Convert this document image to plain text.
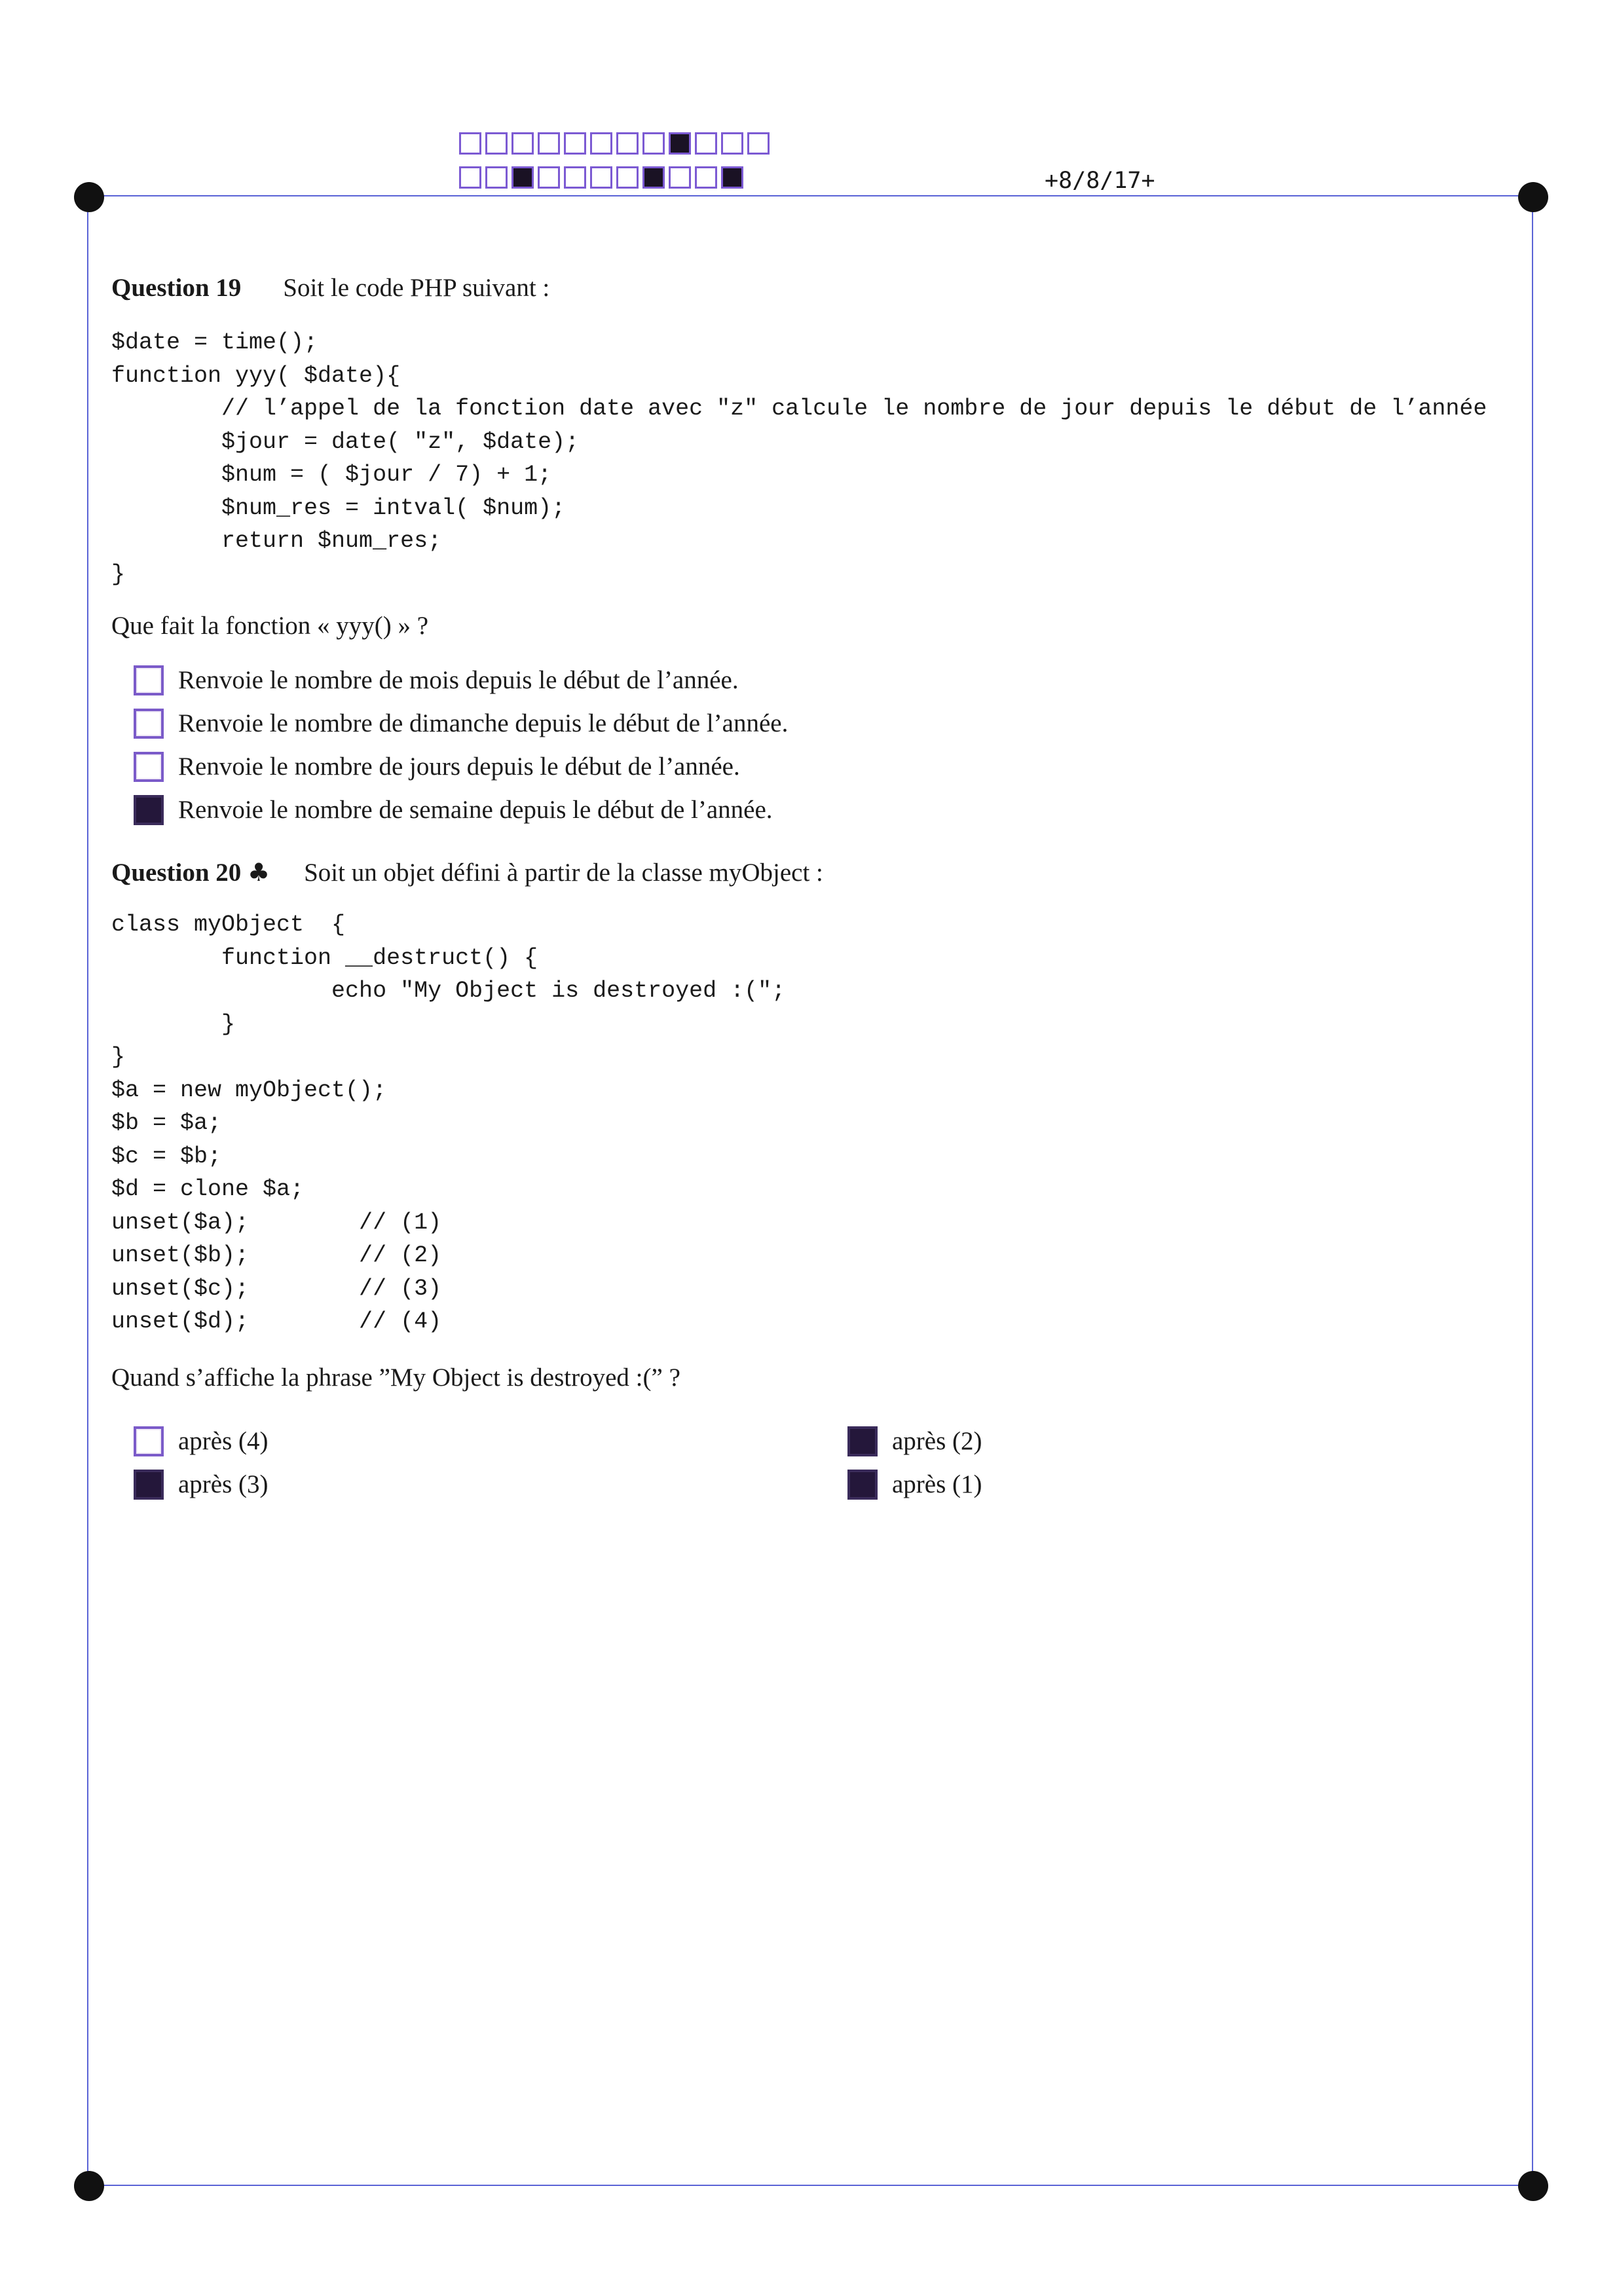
+8/8/17+

Question 19 Soit le code PHP suivant :

$date = time();
function yyy( $date){
// l’appel de la fonction date avec "z" calcule le nombre de jour depuis le début de l’année
$jour = date( "z", $date);
$num = ( $jour / 7) + 1;
$num_res = intval( $num);
return $num_res;
}

Que fait la fonction « yyy() » ?

Renvoie le nombre de mois depuis le début de l’année.
Renvoie le nombre de dimanche depuis le début de l’année.
Renvoie le nombre de jours depuis le début de l’année.
Renvoie le nombre de semaine depuis le début de l’année.

Question 20 ♣ Soit un objet défini à partir de la classe myObject :

class myObject  {
function __destruct() {
echo "My Object is destroyed :(";
}
}
$a = new myObject();
$b = $a;
$c = $b;
$d = clone $a;
unset($a);        // (1)
unset($b);        // (2)
unset($c);        // (3)
unset($d);        // (4)

Quand s’affiche la phrase ”My Object is destroyed :(” ?

après (4)	après (2)
après (3)	après (1)
